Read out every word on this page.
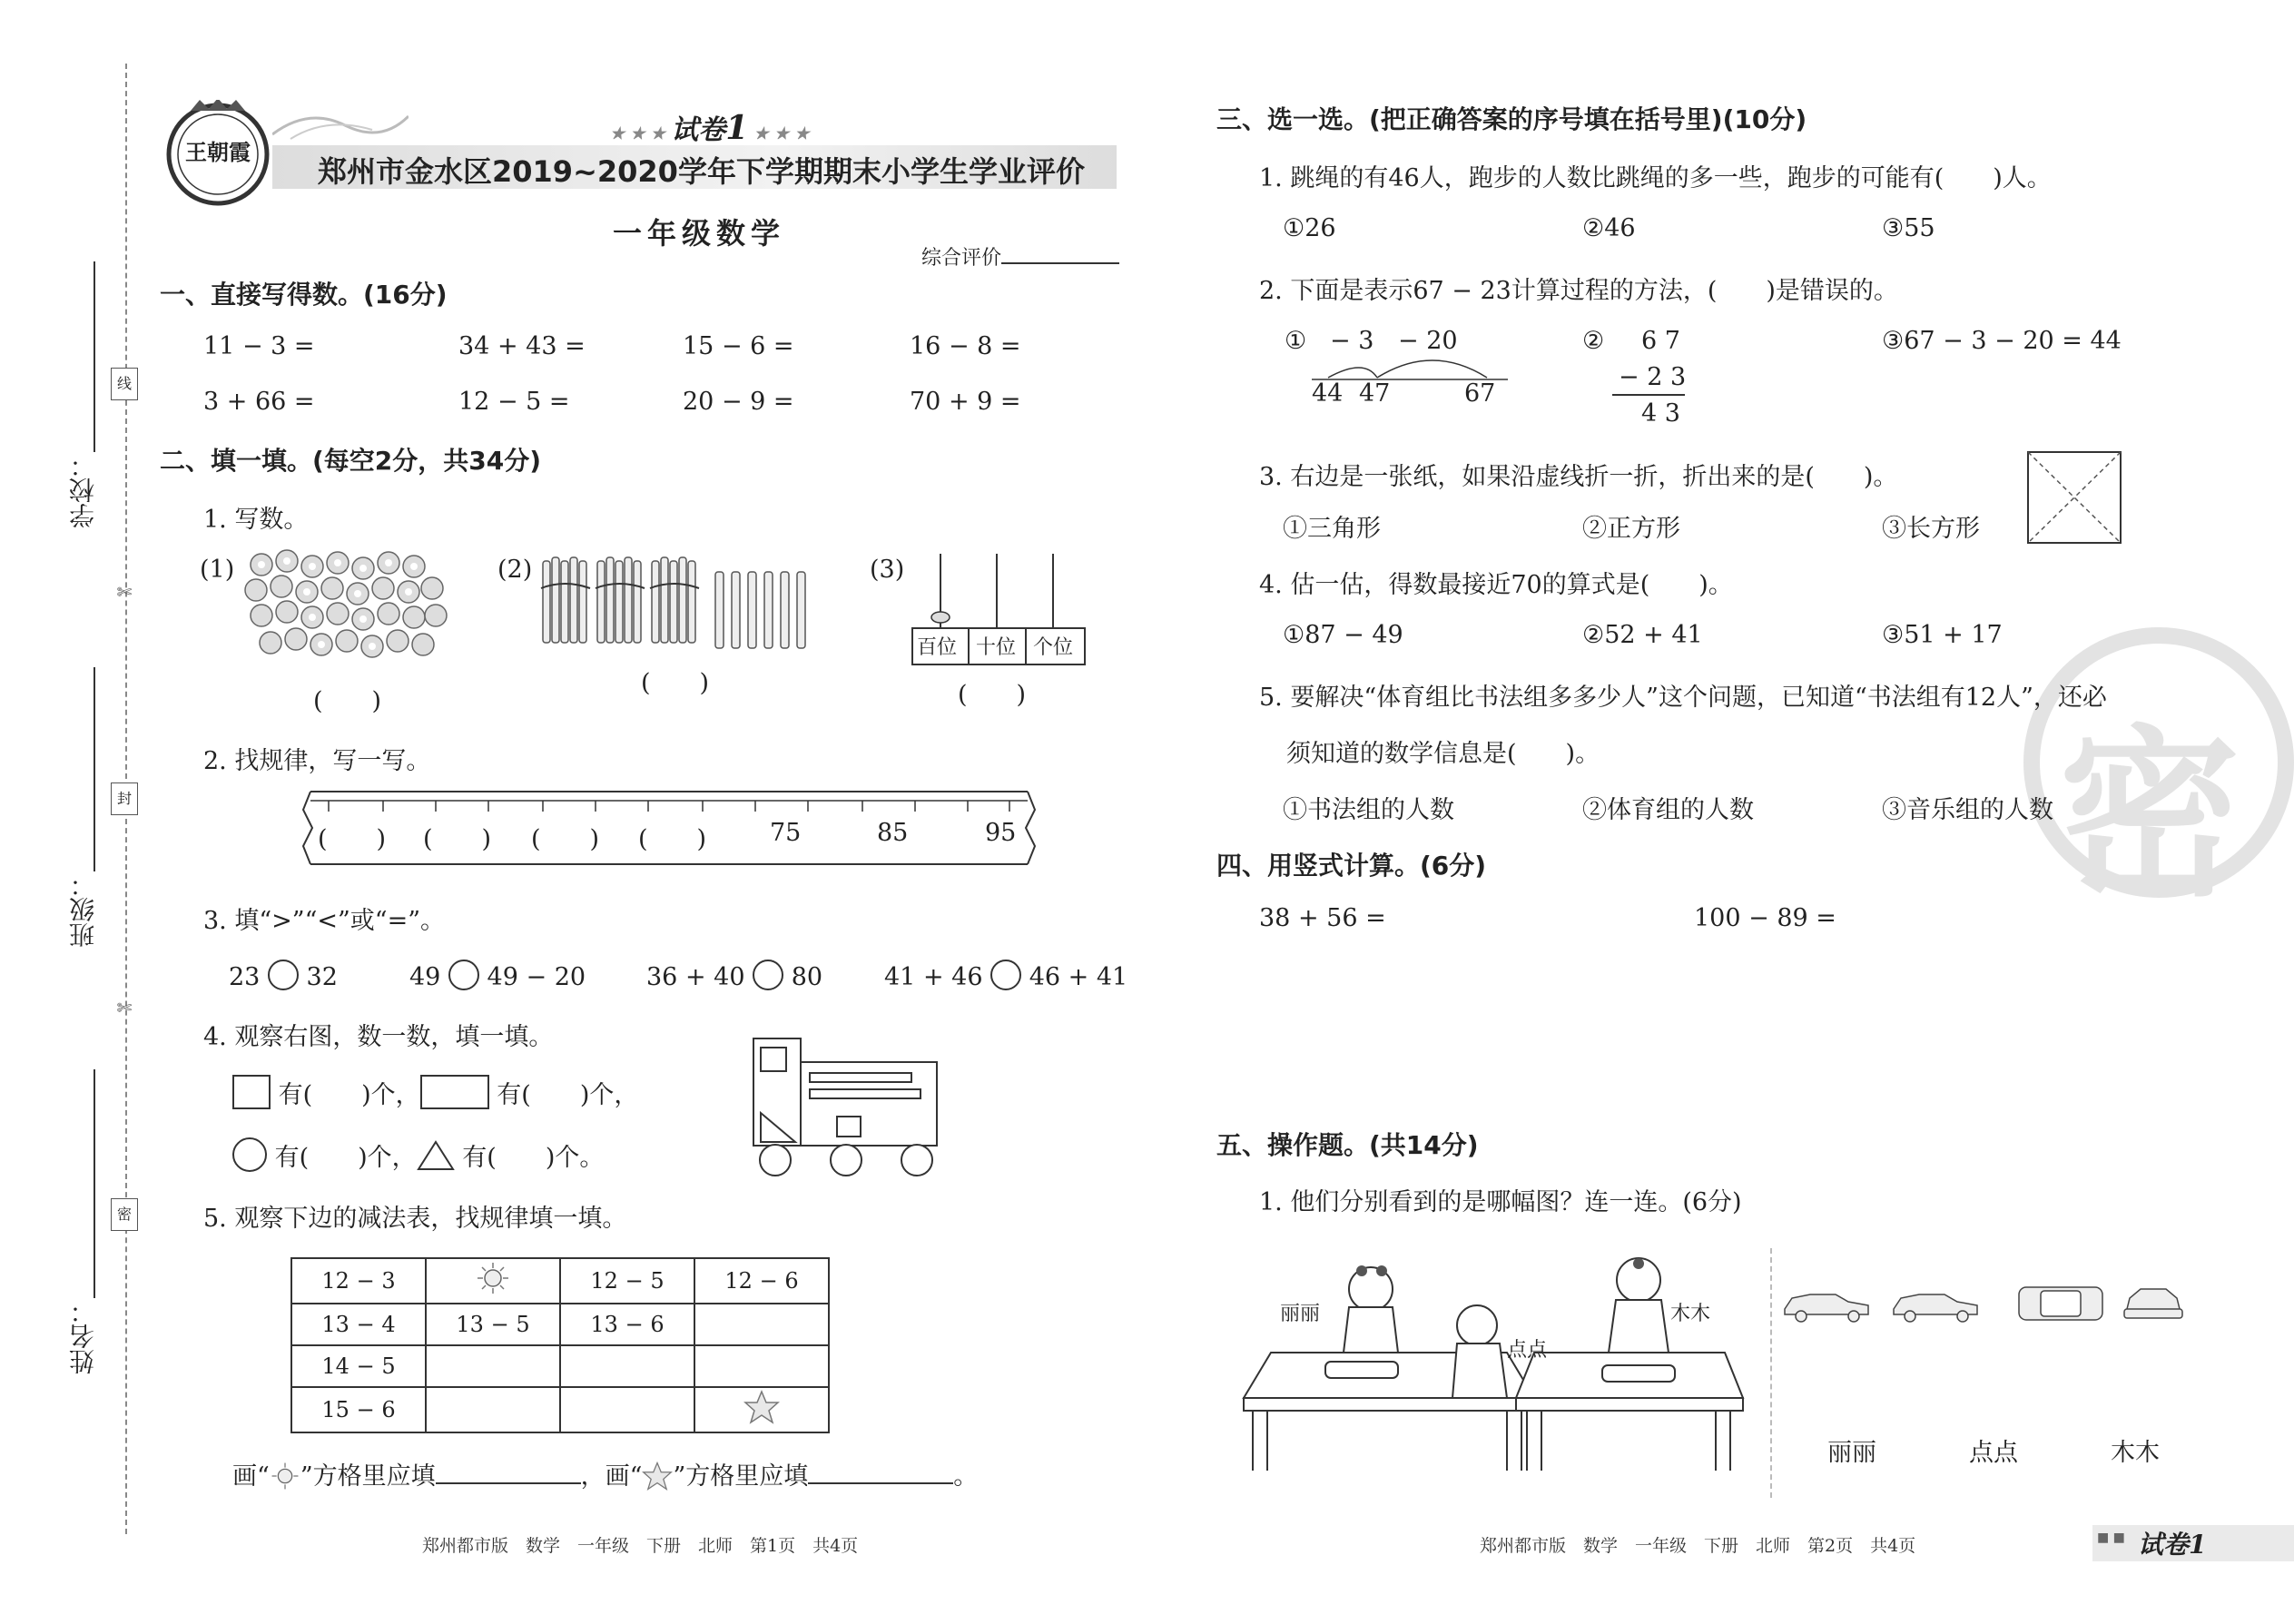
学校：
班级：
姓名：
线
封
密
✄
✄
王朝霞
★ ★ ★ 试卷1 ★ ★ ★
郑州市金水区2019~2020学年下学期期末小学生学业评价
一年级数学
综合评价
一、直接写得数。(16分)
11 − 3 =	34 + 43 =	15 − 6 =	16 − 8 =
3 + 66 =	12 − 5 =	20 − 9 =	70 + 9 =
二、填一填。(每空2分，共34分)
1. 写数。
(1)
(　　)
(2)
(　　)
(3)
百位 十位 个位
(　　)
2. 找规律，写一写。
(　　) (　　) (　　) (　　)	75	85	95
3. 填“>”“<”或“=”。
23 32	49 49 − 20 36 + 40 80	41 + 46 46 + 41
4. 观察右图，数一数，填一填。
有( )个，	有( )个，
有( )个， 有( )个。
5. 观察下边的减法表，找规律填一填。
12 − 3		12 − 5	12 − 6
13 − 4	13 − 5	13 − 6	
14 − 5			
15 − 6			
画“ ”方格里应填	，画“ ”方格里应填	。
郑州都市版　数学　一年级　下册　北师　第1页　共4页
密
三、选一选。(把正确答案的序号填在括号里)(10分)
1. 跳绳的有46人，跑步的人数比跳绳的多一些，跑步的可能有(　　)人。
①26	②46	③55
2. 下面是表示67 − 23计算过程的方法，(　　)是错误的。
① − 3 − 20
44 47	67
② 6 7
− 2 3
4 3
③67 − 3 − 20 = 44
3. 右边是一张纸，如果沿虚线折一折，折出来的是(　　)。
①三角形	②正方形	③长方形
4. 估一估，得数最接近70的算式是(　　)。
①87 − 49	②52 + 41	③51 + 17
5. 要解决“体育组比书法组多多少人”这个问题，已知道“书法组有12人”，还必
须知道的数学信息是(　　)。
①书法组的人数	②体育组的人数	③音乐组的人数
四、用竖式计算。(6分)
38 + 56 =	100 − 89 =
五、操作题。(共14分)
1. 他们分别看到的是哪幅图？连一连。(6分)
丽丽
点点
木木
丽丽	点点	木木
郑州都市版　数学　一年级　下册　北师　第2页　共4页	■ ■ 试卷1
